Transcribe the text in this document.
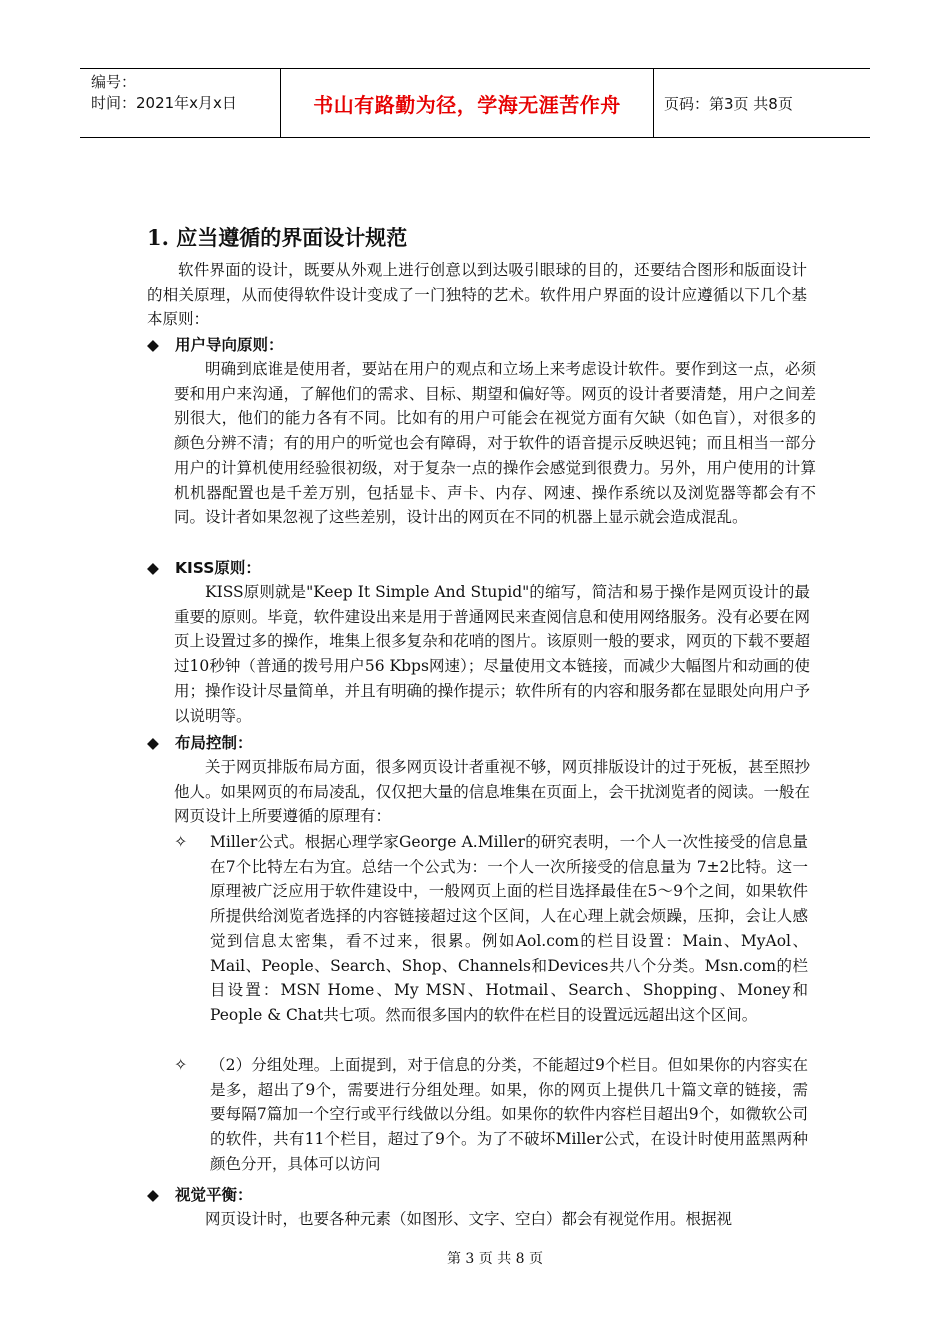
编号：
时间：2021年x月x日	书山有路勤为径，学海无涯苦作舟	页码：第3页 共8页
1. 应当遵循的界面设计规范
软件界面的设计，既要从外观上进行创意以到达吸引眼球的目的，还要结合图形和版面设计的相关原理，从而使得软件设计变成了一门独特的艺术。软件用户界面的设计应遵循以下几个基本原则：
◆ 用户导向原则：
明确到底谁是使用者，要站在用户的观点和立场上来考虑设计软件。要作到这一点，必须要和用户来沟通，了解他们的需求、目标、期望和偏好等。网页的设计者要清楚，用户之间差别很大，他们的能力各有不同。比如有的用户可能会在视觉方面有欠缺（如色盲），对很多的颜色分辨不清；有的用户的听觉也会有障碍，对于软件的语音提示反映迟钝；而且相当一部分用户的计算机使用经验很初级，对于复杂一点的操作会感觉到很费力。另外，用户使用的计算机机器配置也是千差万别，包括显卡、声卡、内存、网速、操作系统以及浏览器等都会有不同。设计者如果忽视了这些差别，设计出的网页在不同的机器上显示就会造成混乱。
◆ KISS原则：
KISS原则就是"Keep It Simple And Stupid"的缩写，简洁和易于操作是网页设计的最重要的原则。毕竟，软件建设出来是用于普通网民来查阅信息和使用网络服务。没有必要在网页上设置过多的操作，堆集上很多复杂和花哨的图片。该原则一般的要求，网页的下载不要超过10秒钟（普通的拨号用户56 Kbps网速）；尽量使用文本链接，而减少大幅图片和动画的使用；操作设计尽量简单，并且有明确的操作提示；软件所有的内容和服务都在显眼处向用户予以说明等。
◆ 布局控制：
关于网页排版布局方面，很多网页设计者重视不够，网页排版设计的过于死板，甚至照抄他人。如果网页的布局凌乱，仅仅把大量的信息堆集在页面上，会干扰浏览者的阅读。一般在网页设计上所要遵循的原理有：
✧ Miller公式。根据心理学家George A.Miller的研究表明，一个人一次性接受的信息量在7个比特左右为宜。总结一个公式为：一个人一次所接受的信息量为 7±2比特。这一原理被广泛应用于软件建设中，一般网页上面的栏目选择最佳在5～9个之间，如果软件所提供给浏览者选择的内容链接超过这个区间，人在心理上就会烦躁，压抑，会让人感觉到信息太密集，看不过来，很累。例如Aol.com的栏目设置：Main、MyAol、Mail、People、Search、Shop、Channels和Devices共八个分类。Msn.com的栏目设置：MSN Home、My MSN、Hotmail、Search、Shopping、Money和People & Chat共七项。然而很多国内的软件在栏目的设置远远超出这个区间。
✧ （2）分组处理。上面提到，对于信息的分类，不能超过9个栏目。但如果你的内容实在是多，超出了9个，需要进行分组处理。如果，你的网页上提供几十篇文章的链接，需要每隔7篇加一个空行或平行线做以分组。如果你的软件内容栏目超出9个，如微软公司的软件，共有11个栏目，超过了9个。为了不破坏Miller公式，在设计时使用蓝黑两种颜色分开，具体可以访问
◆ 视觉平衡：
网页设计时，也要各种元素（如图形、文字、空白）都会有视觉作用。根据视
第 3 页 共 8 页
